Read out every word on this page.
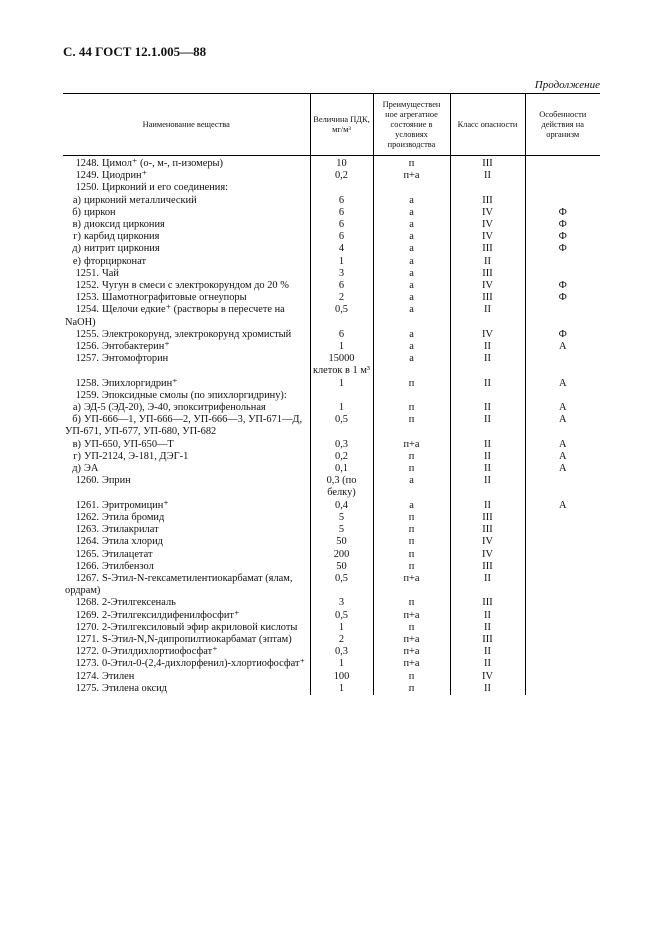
С. 44 ГОСТ 12.1.005—88
Продолжение
Наименование вещества	Величина ПДК, мг/м³	Преимуществен ное агрегатное состояние в условиях производства	Класс опасности	Особенности действия на организм
1248. Цимол⁺ (о-, м-, п-изомеры)	10	п	III	
1249. Циодрин⁺	0,2	п+а	II	
1250. Цирконий и его соединения:				
а) цирконий металлический	6	а	III	
б) циркон	6	а	IV	Ф
в) диоксид циркония	6	а	IV	Ф
г) карбид циркония	6	а	IV	Ф
д) нитрит циркония	4	а	III	Ф
е) фторцирконат	1	а	II	
1251. Чай	3	а	III	
1252. Чугун в смеси с электрокорундом до 20 %	6	а	IV	Ф
1253. Шамотнографитовые огнеупоры	2	а	III	Ф
1254. Щелочи едкие⁺ (растворы в пересчете на NaOH)	0,5	а	II	
1255. Электрокорунд, электрокорунд хромистый	6	а	IV	Ф
1256. Энтобактерин⁺	1	а	II	А
1257. Энтомофторин	15000 клеток в 1 м³	а	II	
1258. Эпихлоргидрин⁺	1	п	II	А
1259. Эпоксидные смолы (по эпихлоргидрину):				
а) ЭД-5 (ЭД-20), Э-40, эпокситрифенольная	1	п	II	А
б) УП-666—1, УП-666—2, УП-666—3, УП-671—Д, УП-671, УП-677, УП-680, УП-682	0,5	п	II	А
в) УП-650, УП-650—Т	0,3	п+а	II	А
г) УП-2124, Э-181, ДЭГ-1	0,2	п	II	А
д) ЭА	0,1	п	II	А
1260. Эприн	0,3 (по белку)	а	II	
1261. Эритромицин⁺	0,4	а	II	А
1262. Этила бромид	5	п	III	
1263. Этилакрилат	5	п	III	
1264. Этила хлорид	50	п	IV	
1265. Этилацетат	200	п	IV	
1266. Этилбензол	50	п	III	
1267. S-Этил-N-гексаметилентиокарбамат (ялам, ордрам)	0,5	п+а	II	
1268. 2-Этилгексеналь	3	п	III	
1269. 2-Этилгексилдифенилфосфит⁺	0,5	п+а	II	
1270. 2-Этилгексиловый эфир акриловой кислоты	1	п	II	
1271. S-Этил-N,N-дипропилтиокарбамат (эптам)	2	п+а	III	
1272. 0-Этилдихлортиофосфат⁺	0,3	п+а	II	
1273. 0-Этил-0-(2,4-дихлорфенил)-хлортиофосфат⁺	1	п+а	II	
1274. Этилен	100	п	IV	
1275. Этилена оксид	1	п	II	
